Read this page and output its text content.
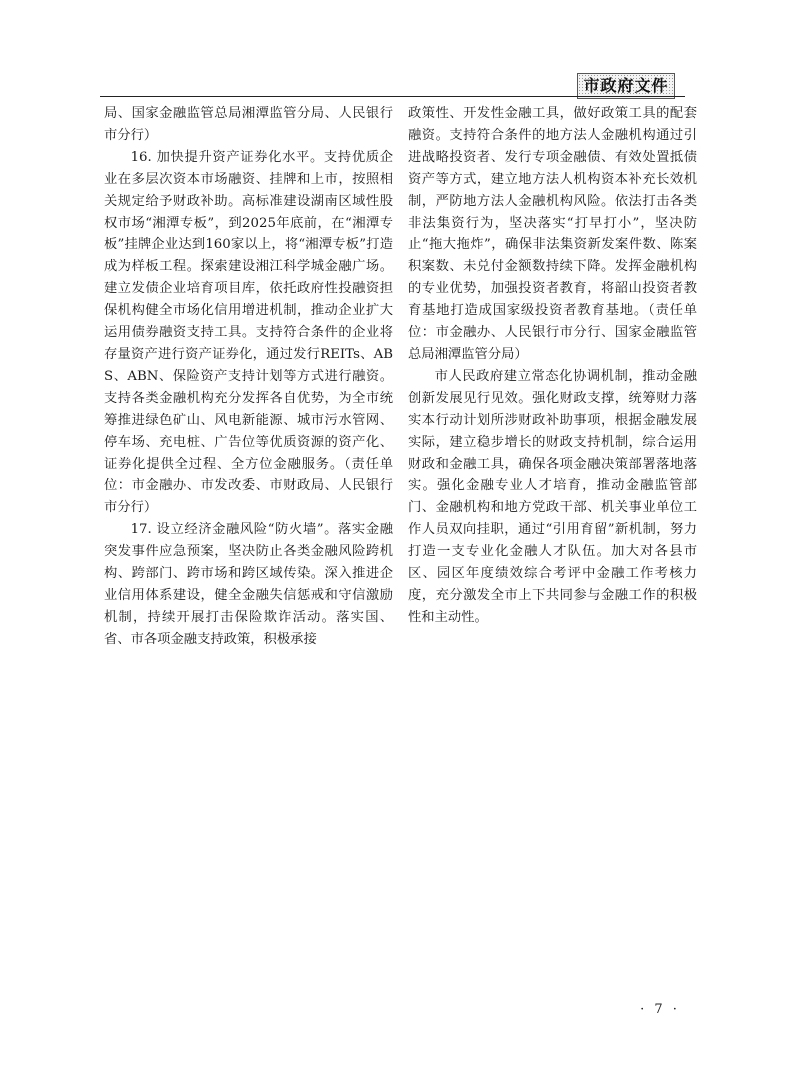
市政府文件

局、国家金融监管总局湘潭监管分局、人民银行市分行）

16. 加快提升资产证券化水平。支持优质企业在多层次资本市场融资、挂牌和上市，按照相关规定给予财政补助。高标准建设湖南区域性股权市场“湘潭专板”，到2025年底前，在“湘潭专板”挂牌企业达到160家以上，将“湘潭专板”打造成为样板工程。探索建设湘江科学城金融广场。建立发债企业培育项目库，依托政府性投融资担保机构健全市场化信用增进机制，推动企业扩大运用债券融资支持工具。支持符合条件的企业将存量资产进行资产证券化，通过发行REITs、ABS、ABN、保险资产支持计划等方式进行融资。支持各类金融机构充分发挥各自优势，为全市统筹推进绿色矿山、风电新能源、城市污水管网、停车场、充电桩、广告位等优质资源的资产化、证券化提供全过程、全方位金融服务。（责任单位：市金融办、市发改委、市财政局、人民银行市分行）

17. 设立经济金融风险“防火墙”。落实金融突发事件应急预案，坚决防止各类金融风险跨机构、跨部门、跨市场和跨区域传染。深入推进企业信用体系建设，健全金融失信惩戒和守信激励机制，持续开展打击保险欺诈活动。落实国、省、市各项金融支持政策，积极承接

政策性、开发性金融工具，做好政策工具的配套融资。支持符合条件的地方法人金融机构通过引进战略投资者、发行专项金融债、有效处置抵债资产等方式，建立地方法人机构资本补充长效机制，严防地方法人金融机构风险。依法打击各类非法集资行为，坚决落实“打早打小”，坚决防止“拖大拖炸”，确保非法集资新发案件数、陈案积案数、未兑付金额数持续下降。发挥金融机构的专业优势，加强投资者教育，将韶山投资者教育基地打造成国家级投资者教育基地。（责任单位：市金融办、人民银行市分行、国家金融监管总局湘潭监管分局）

市人民政府建立常态化协调机制，推动金融创新发展见行见效。强化财政支撑，统筹财力落实本行动计划所涉财政补助事项，根据金融发展实际，建立稳步增长的财政支持机制，综合运用财政和金融工具，确保各项金融决策部署落地落实。强化金融专业人才培育，推动金融监管部门、金融机构和地方党政干部、机关事业单位工作人员双向挂职，通过“引用育留”新机制，努力打造一支专业化金融人才队伍。加大对各县市区、园区年度绩效综合考评中金融工作考核力度，充分激发全市上下共同参与金融工作的积极性和主动性。

· 7 ·
